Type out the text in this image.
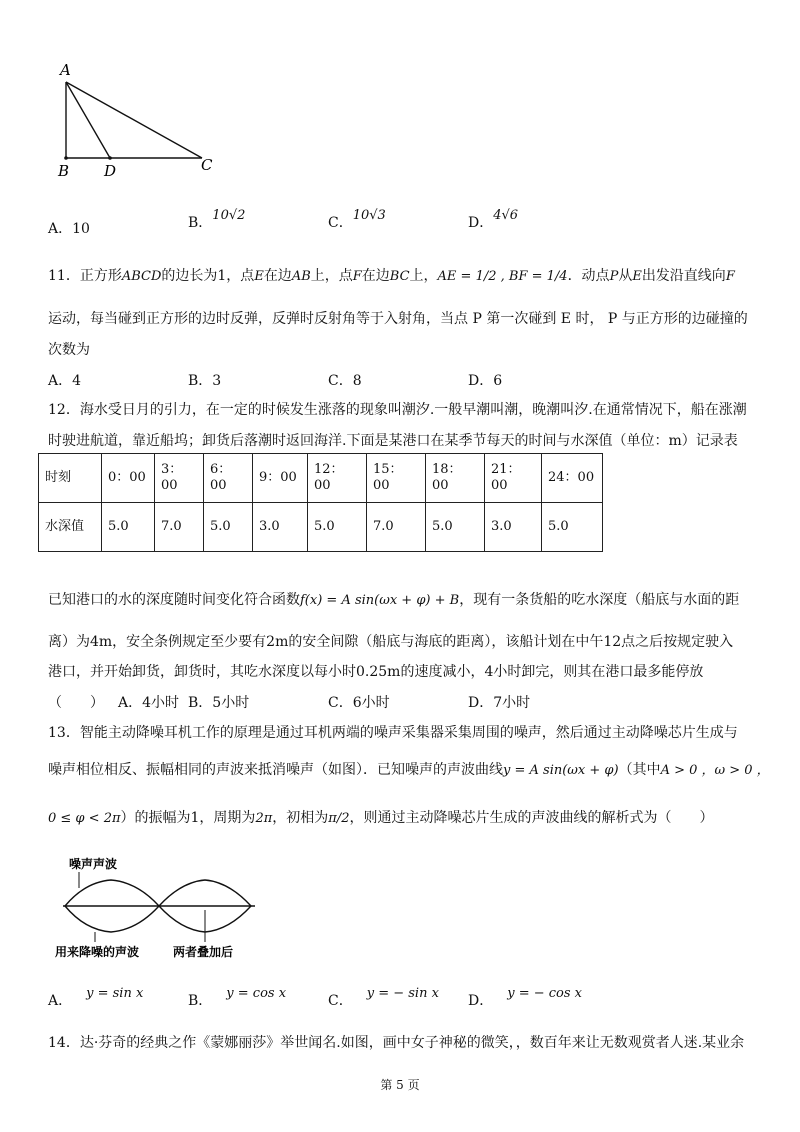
A
B D	C
A．10	B．10√2	C．10√3	D．4√6
11．正方形ABCD的边长为1，点E在边AB上，点F在边BC上，AE = 1/2 , BF = 1/4．动点P从E出发沿直线向F
运动，每当碰到正方形的边时反弹，反弹时反射角等于入射角，当点 P 第一次碰到 E 时， P 与正方形的边碰撞的
次数为
A．4	B．3	C．8	D．6
12．海水受日月的引力，在一定的时候发生涨落的现象叫潮汐.一般早潮叫潮，晚潮叫汐.在通常情况下，船在涨潮
时驶进航道，靠近船坞；卸货后落潮时返回海洋.下面是某港口在某季节每天的时间与水深值（单位：m）记录表
时刻	0：00	3：00	6：00	9：00	12：00	15：00	18：00	21：00	24：00
水深值	5.0	7.0	5.0	3.0	5.0	7.0	5.0	3.0	5.0
已知港口的水的深度随时间变化符合函数f(x) = A sin(ωx + φ) + B，现有一条货船的吃水深度（船底与水面的距
离）为4m，安全条例规定至少要有2m的安全间隙（船底与海底的距离），该船计划在中午12点之后按规定驶入
港口，并开始卸货，卸货时，其吃水深度以每小时0.25m的速度减小，4小时卸完，则其在港口最多能停放
（　　） A．4小时 B．5小时	C．6小时	D．7小时
13．智能主动降噪耳机工作的原理是通过耳机两端的噪声采集器采集周围的噪声，然后通过主动降噪芯片生成与
噪声相位相反、振幅相同的声波来抵消噪声（如图）．已知噪声的声波曲线y = A sin(ωx + φ)（其中A > 0 ，ω > 0 ，
0 ≤ φ < 2π）的振幅为1，周期为2π，初相为π/2，则通过主动降噪芯片生成的声波曲线的解析式为（　　）
噪声声波
用来降噪的声波	两者叠加后
A． y = sin x	B． y = cos x	C． y = − sin x D． y = − cos x
14．达·芬奇的经典之作《蒙娜丽莎》举世闻名.如图，画中女子神秘的微笑，，数百年来让无数观赏者人迷.某业余
第 5 页
